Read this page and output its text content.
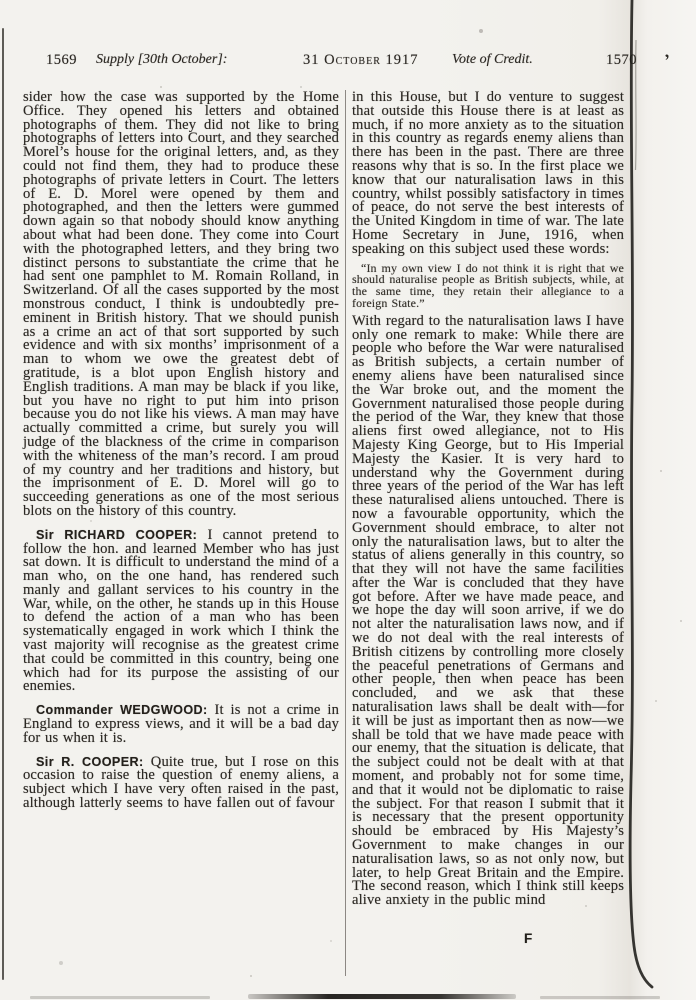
1569 Supply [30th October]:	31 October 1917 Vote of Credit.	1570

sider how the case was supported by the Home Office. They opened his letters and obtained photographs of them. They did not like to bring photographs of letters into Court, and they searched Morel’s house for the original letters, and, as they could not find them, they had to produce these photographs of private letters in Court. The letters of E. D. Morel were opened by them and photographed, and then the letters were gummed down again so that nobody should know anything about what had been done. They come into Court with the photographed letters, and they bring two distinct persons to substantiate the crime that he had sent one pamphlet to M. Romain Rolland, in Switzerland. Of all the cases supported by the most monstrous conduct, I think is undoubtedly pre-eminent in British history. That we should punish as a crime an act of that sort supported by such evidence and with six months’ imprisonment of a man to whom we owe the greatest debt of gratitude, is a blot upon English history and English traditions. A man may be black if you like, but you have no right to put him into prison because you do not like his views. A man may have actually committed a crime, but surely you will judge of the blackness of the crime in comparison with the whiteness of the man’s record. I am proud of my country and her traditions and history, but the imprisonment of E. D. Morel will go to succeeding generations as one of the most serious blots on the history of this country.

Sir RICHARD COOPER: I cannot pretend to follow the hon. and learned Member who has just sat down. It is difficult to understand the mind of a man who, on the one hand, has rendered such manly and gallant services to his country in the War, while, on the other, he stands up in this House to defend the action of a man who has been systematically engaged in work which I think the vast majority will recognise as the greatest crime that could be committed in this country, being one which had for its purpose the assisting of our enemies.

Commander WEDGWOOD: It is not a crime in England to express views, and it will be a bad day for us when it is.

Sir R. COOPER: Quite true, but I rose on this occasion to raise the question of enemy aliens, a subject which I have very often raised in the past, although latterly seems to have fallen out of favour

in this House, but I do venture to suggest that outside this House there is at least as much, if no more anxiety as to the situation in this country as regards enemy aliens than there has been in the past. There are three reasons why that is so. In the first place we know that our naturalisation laws in this country, whilst possibly satisfactory in times of peace, do not serve the best interests of the United Kingdom in time of war. The late Home Secretary in June, 1916, when speaking on this subject used these words:

“In my own view I do not think it is right that we should naturalise people as British subjects, while, at the same time, they retain their allegiance to a foreign State.”

With regard to the naturalisation laws I have only one remark to make: While there are people who before the War were naturalised as British subjects, a certain number of enemy aliens have been naturalised since the War broke out, and the moment the Government naturalised those people during the period of the War, they knew that those aliens first owed allegiance, not to His Majesty King George, but to His Imperial Majesty the Kasier. It is very hard to understand why the Government during three years of the period of the War has left these naturalised aliens untouched. There is now a favourable opportunity, which the Government should embrace, to alter not only the naturalisation laws, but to alter the status of aliens generally in this country, so that they will not have the same facilities after the War is concluded that they have got before. After we have made peace, and we hope the day will soon arrive, if we do not alter the naturalisation laws now, and if we do not deal with the real interests of British citizens by controlling more closely the peaceful penetrations of Germans and other people, then when peace has been concluded, and we ask that these naturalisation laws shall be dealt with—for it will be just as important then as now—we shall be told that we have made peace with our enemy, that the situation is delicate, that the subject could not be dealt with at that moment, and probably not for some time, and that it would not be diplomatic to raise the subject. For that reason I submit that it is necessary that the present opportunity should be embraced by His Majesty’s Government to make changes in our naturalisation laws, so as not only now, but later, to help Great Britain and the Empire. The second reason, which I think still keeps alive anxiety in the public mind

F
,
